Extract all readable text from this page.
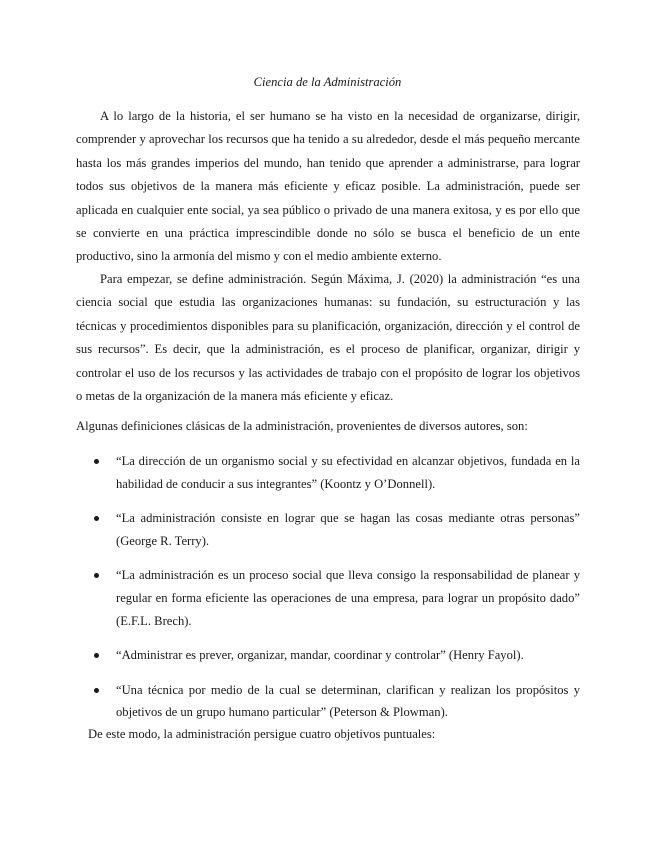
Ciencia de la Administración

A lo largo de la historia, el ser humano se ha visto en la necesidad de organizarse, dirigir, comprender y aprovechar los recursos que ha tenido a su alrededor, desde el más pequeño mercante hasta los más grandes imperios del mundo, han tenido que aprender a administrarse, para lograr todos sus objetivos de la manera más eficiente y eficaz posible. La administración, puede ser aplicada en cualquier ente social, ya sea público o privado de una manera exitosa, y es por ello que se convierte en una práctica imprescindible donde no sólo se busca el beneficio de un ente productivo, sino la armonía del mismo y con el medio ambiente externo.

Para empezar, se define administración. Según Máxima, J. (2020) la administración “es una ciencia social que estudia las organizaciones humanas: su fundación, su estructuración y las técnicas y procedimientos disponibles para su planificación, organización, dirección y el control de sus recursos”. Es decir, que la administración, es el proceso de planificar, organizar, dirigir y controlar el uso de los recursos y las actividades de trabajo con el propósito de lograr los objetivos o metas de la organización de la manera más eficiente y eficaz.

Algunas definiciones clásicas de la administración, provenientes de diversos autores, son:

“La dirección de un organismo social y su efectividad en alcanzar objetivos, fundada en la habilidad de conducir a sus integrantes” (Koontz y O’Donnell).
“La administración consiste en lograr que se hagan las cosas mediante otras personas” (George R. Terry).
“La administración es un proceso social que lleva consigo la responsabilidad de planear y regular en forma eficiente las operaciones de una empresa, para lograr un propósito dado” (E.F.L. Brech).
“Administrar es prever, organizar, mandar, coordinar y controlar” (Henry Fayol).
“Una técnica por medio de la cual se determinan, clarifican y realizan los propósitos y objetivos de un grupo humano particular” (Peterson & Plowman).

De este modo, la administración persigue cuatro objetivos puntuales:
